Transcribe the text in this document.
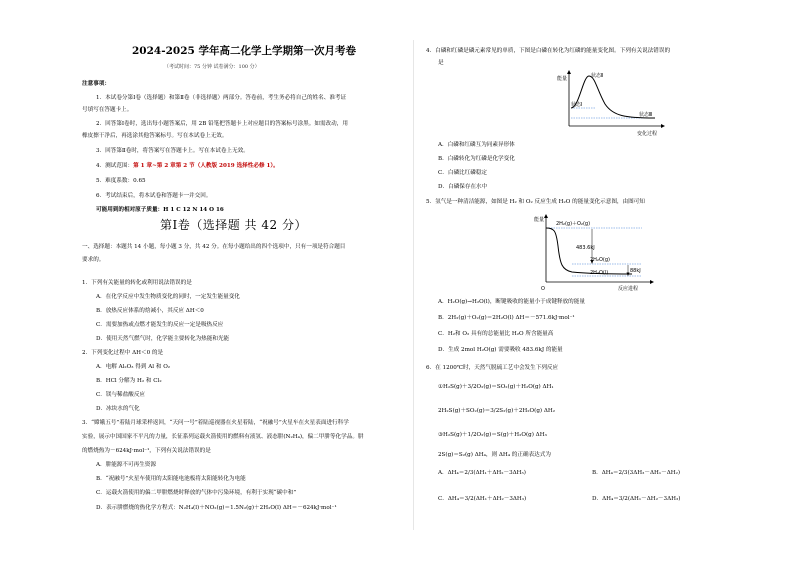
2024-2025 学年高二化学上学期第一次月考卷
（考试时间：75 分钟 试卷满分：100 分）
注意事项：
1．本试卷分第Ⅰ卷（选择题）和第Ⅱ卷（非选择题）两部分。答卷前，考生务必将自己的姓名、准考证
号填写在答题卡上。
2．回答第Ⅰ卷时，选出每小题答案后，用 2B 铅笔把答题卡上对应题目的答案标号涂黑。如需改动，用
橡皮擦干净后，再选涂其他答案标号。写在本试卷上无效。
3．回答第Ⅱ卷时，将答案写在答题卡上。写在本试卷上无效。
4．测试范围：第 1 章~第 2 章第 2 节（人教版 2019 选择性必修 1）。
5．难度系数：0.65
6．考试结束后，将本试卷和答题卡一并交回。
可能用到的相对原子质量：H 1 C 12 N 14 O 16
第Ⅰ卷（选择题 共 42 分）
一、选择题：本题共 14 小题，每小题 3 分，共 42 分。在每小题给出的四个选项中，只有一项是符合题目
要求的。
1．下列有关能量的转化或利用说法错误的是
A．在化学反应中发生物质变化的同时，一定发生能量变化
B．放热反应体系的焓减小，其反应 ΔH＜0
C．需要加热或点燃才能发生的反应一定是吸热反应
D．使用天然气燃气时，化学能主要转化为热能和光能
2．下列变化过程中 ΔH＜0 的是
A．电解 Al₂O₃ 得到 Al 和 O₂
B．HCl 分解为 H₂ 和 Cl₂
C．镁与稀盐酸反应
D．冰块水的气化
3．“嫦娥五号”着陆月球采样返回，“天问一号”着陆巡视器在火星着陆，“祝融号”火星车在火星表面进行科学
实验，展示中国国家不平凡的力量，长征系列运载火箭使用的燃料有液氢、液态肼(N₂H₄)，偏二甲肼等化学品。肼
的燃烧热为－624kJ·mol⁻¹，下列有关说法错误的是
A．肼能源不可再生资源
B．“祝融号”火星车使用的太阳能电池板将太阳能转化为电能
C．运载火箭使用的偏二甲肼燃烧时释放的气体中污染环境，有利于实现“碳中和”
D．表示肼燃烧的热化学方程式：N₂H₄(l)＋NO₂(g)＝1.5N₂(g)＋2H₂O(l) ΔH＝－624kJ·mol⁻¹
4．白磷和红磷是磷元素常见的单质，下图是白磷在转化为红磷的能量变化图。下列有关说法错误的
是
能量	状态Ⅱ
状态Ⅰ
状态Ⅲ
变化过程
A．白磷和红磷互为同素异形体
B．白磷转化为红磷是化学变化
C．白磷比红磷稳定
D．白磷保存在水中
5．氢气是一种清洁能源，如图是 H₂ 和 O₂ 反应生成 H₂O 的能量变化示意图，由图可知
能量
O
2H₂(g)＋O₂(g)
483.6kJ
2H₂O(g)
2H₂O(l)	88kJ
反应进程
A．H₂O(g)→H₂O(l)，断键吸收的能量小于成键释放的能量
B．2H₂(g)＋O₂(g)＝2H₂O(l) ΔH＝－571.6kJ·mol⁻¹
C．H₂和 O₂ 具有的总能量比 H₂O 所含能量高
D．生成 2mol H₂O(g) 需要吸收 483.6kJ 的能量
6．在 1200℃时，天然气脱硫工艺中会发生下列反应
①H₂S(g)＋3/2O₂(g)＝SO₂(g)＋H₂O(g) ΔH₁
2H₂S(g)＋SO₂(g)＝3/2S₂(g)＋2H₂O(g) ΔH₂
③H₂S(g)＋1/2O₂(g)＝S(g)＋H₂O(g) ΔH₃
2S(g)＝S₂(g) ΔH₄，则 ΔH₄ 的正确表达式为
A．ΔH₄＝2/3(ΔH₁＋ΔH₂－3ΔH₃)	B．ΔH₄＝2/3(3ΔH₃－ΔH₁－ΔH₂)
C．ΔH₄＝3/2(ΔH₁＋ΔH₂－3ΔH₃)	D．ΔH₄＝3/2(ΔH₁－ΔH₂－3ΔH₃)
